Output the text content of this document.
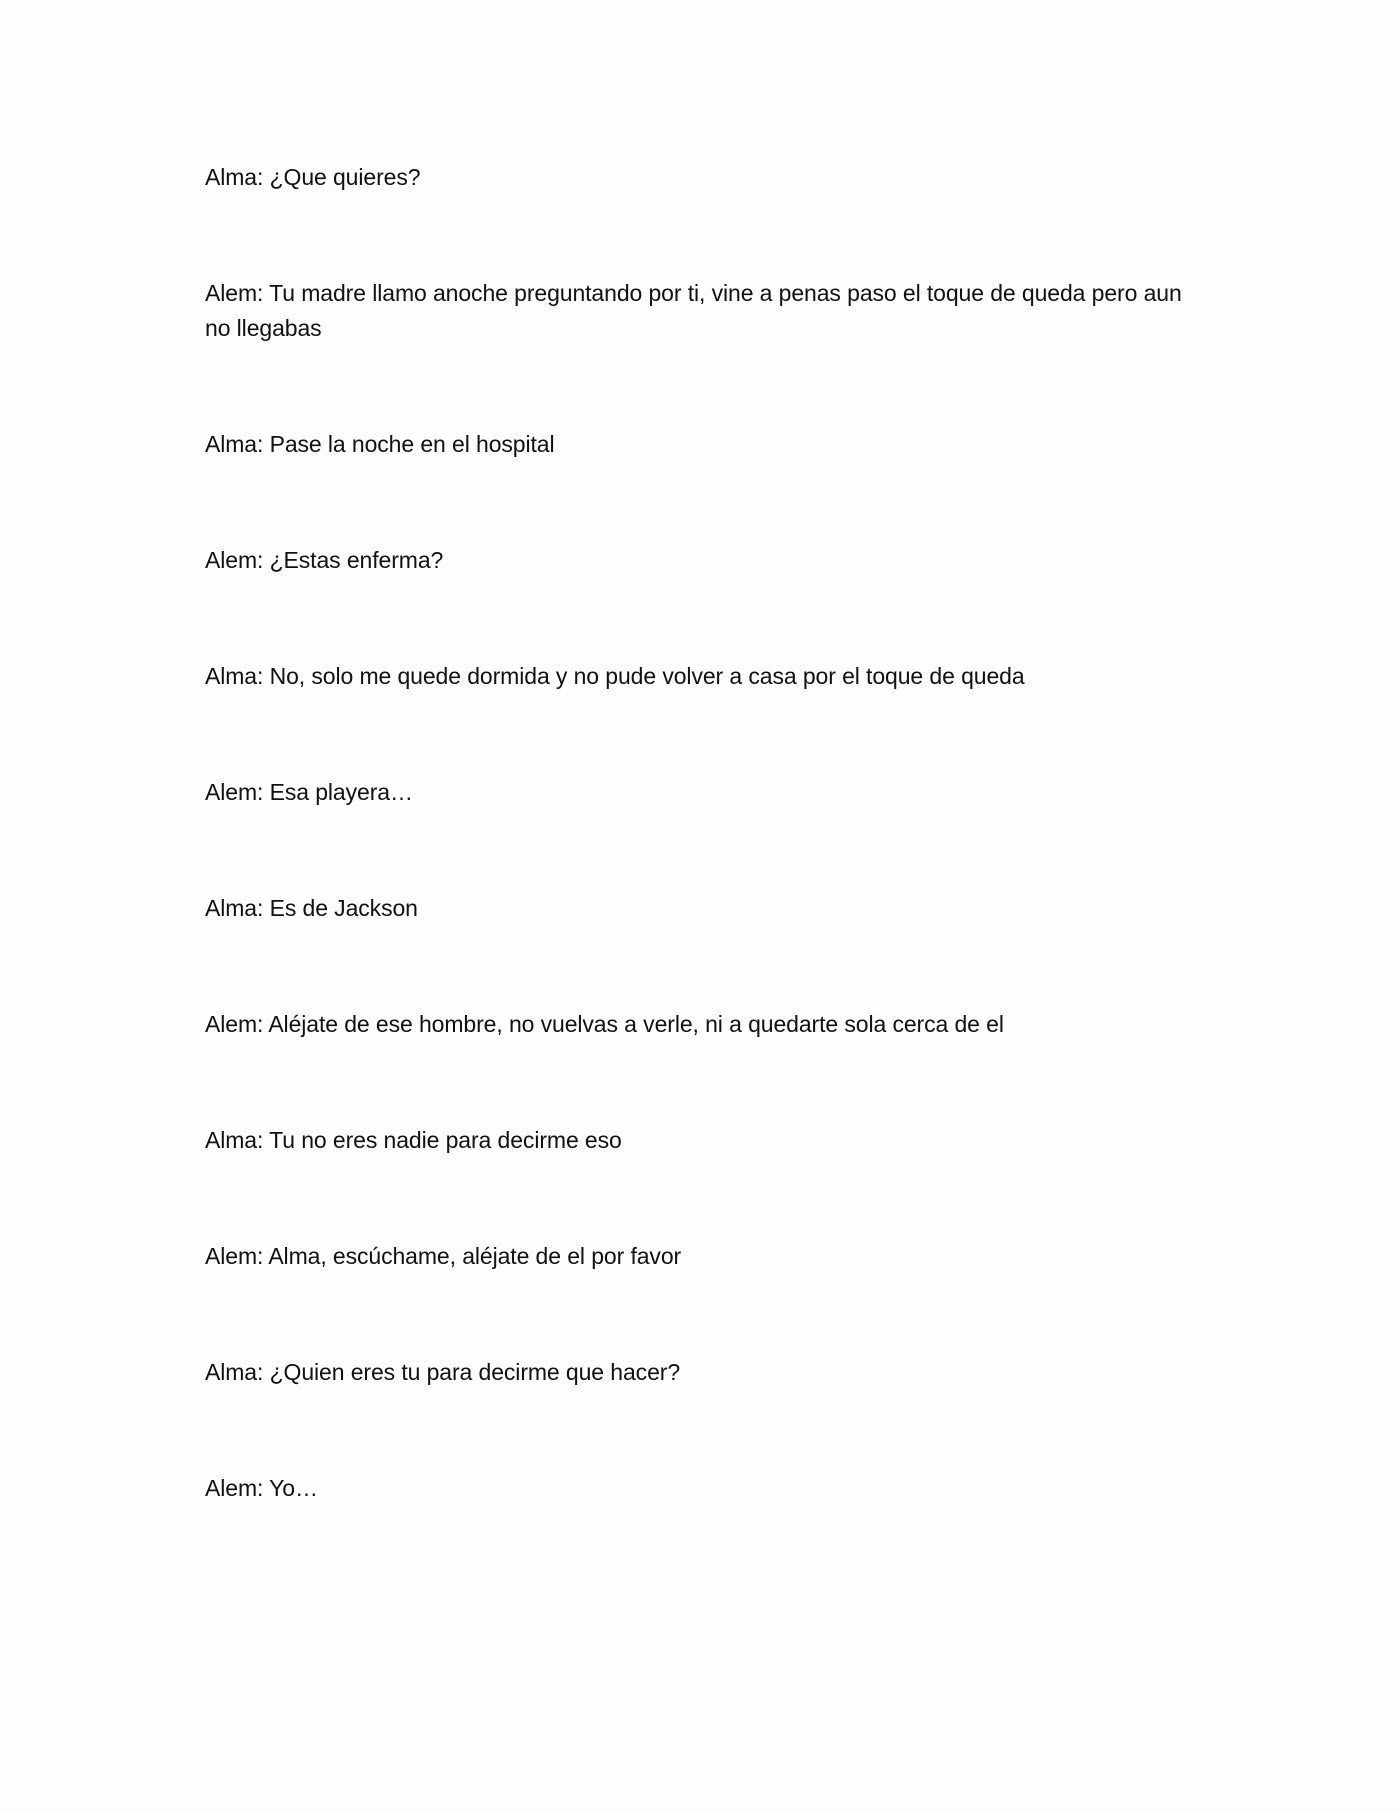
Alma: ¿Que quieres?

Alem: Tu madre llamo anoche preguntando por ti, vine a penas paso el toque de queda pero aun no llegabas

Alma: Pase la noche en el hospital

Alem: ¿Estas enferma?

Alma: No, solo me quede dormida y no pude volver a casa por el toque de queda

Alem: Esa playera…

Alma: Es de Jackson

Alem: Aléjate de ese hombre, no vuelvas a verle, ni a quedarte sola cerca de el

Alma: Tu no eres nadie para decirme eso

Alem: Alma, escúchame, aléjate de el por favor

Alma: ¿Quien eres tu para decirme que hacer?

Alem: Yo…
